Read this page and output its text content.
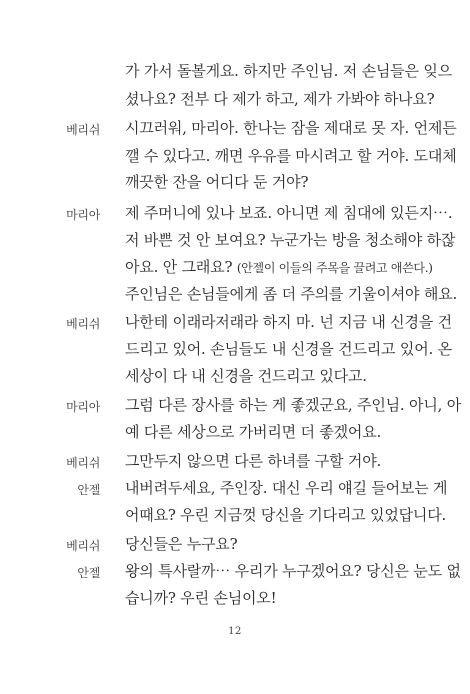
가 가서 돌볼게요. 하지만 주인님. 저 손님들은 잊으
셨나요? 전부 다 제가 하고, 제가 가봐야 하나요?
베리쉬 시끄러워, 마리아. 한나는 잠을 제대로 못 자. 언제든
깰 수 있다고. 깨면 우유를 마시려고 할 거야. 도대체
깨끗한 잔을 어디다 둔 거야?
마리아 제 주머니에 있나 보죠. 아니면 제 침대에 있든지⋯.
저 바쁜 것 안 보여요? 누군가는 방을 청소해야 하잖
아요. 안 그래요? (안젤이 이들의 주목을 끌려고 애쓴다.)
주인님은 손님들에게 좀 더 주의를 기울이셔야 해요.
베리쉬 나한테 이래라저래라 하지 마. 넌 지금 내 신경을 건
드리고 있어. 손님들도 내 신경을 건드리고 있어. 온
세상이 다 내 신경을 건드리고 있다고.
마리아 그럼 다른 장사를 하는 게 좋겠군요, 주인님. 아니, 아
예 다른 세상으로 가버리면 더 좋겠어요.
베리쉬 그만두지 않으면 다른 하녀를 구할 거야.
안젤 내버려두세요, 주인장. 대신 우리 얘길 들어보는 게
어때요? 우린 지금껏 당신을 기다리고 있었답니다.
베리쉬 당신들은 누구요?
안젤 왕의 특사랄까⋯ 우리가 누구겠어요? 당신은 눈도 없
습니까? 우린 손님이오!
12
